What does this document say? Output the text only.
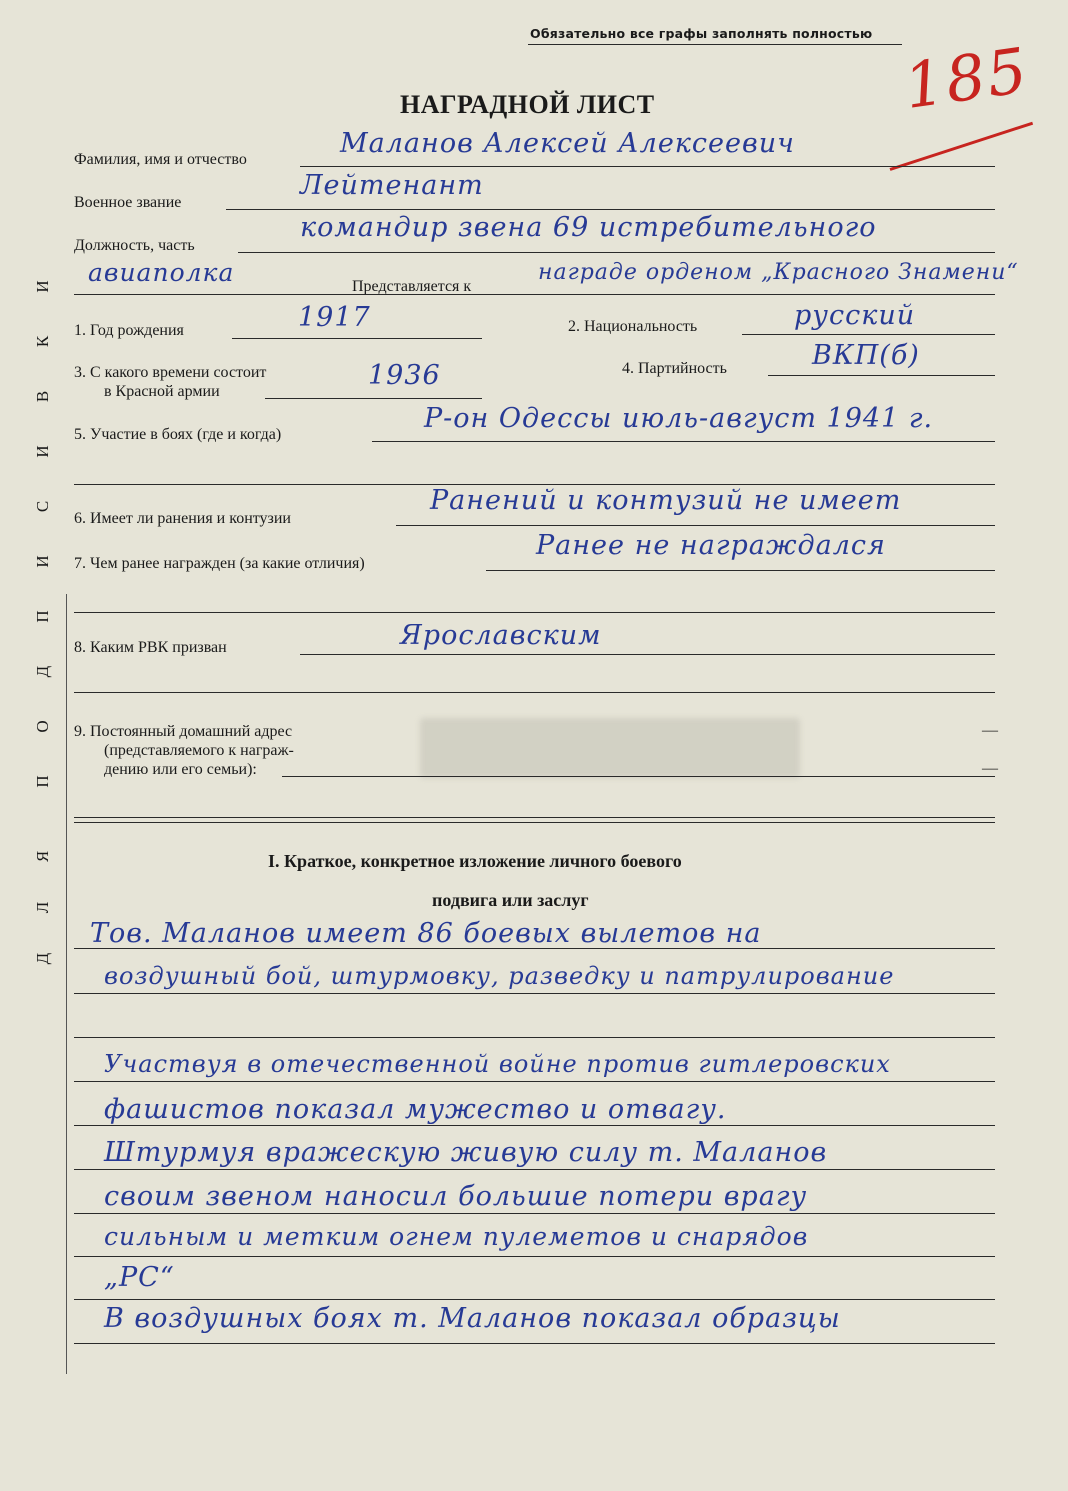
Обязательно все графы заполнять полностью 185
НАГРАДНОЙ ЛИСТ
Д
Л
Я
П
О
Д
П
И
С
И
В
К
И
Фамилия, имя и отчество
Маланов Алексей Алексеевич
Военное звание
Лейтенант
Должность, часть
командир звена 69 истребительного
авиаполка	Представляется к
награде орденом „Красного Знамени“
1. Год рождения	1917	2. Национальность	русский
3. С какого времени состоит
в Красной армии
1936	4. Партийность	ВКП(б)
5. Участие в боях (где и когда)
Р-он Одессы июль-август 1941 г.
6. Имеет ли ранения и контузии
Ранений и контузий не имеет
7. Чем ранее награжден (за какие отличия)
Ранее не награждался
8. Каким РВК призван	Ярославским
9. Постоянный домашний адрес
(представляемого к награж-
дению или его семьи):
—
—
I. Краткое, конкретное изложение личного боевого
подвига или заслуг
Тов. Маланов имеет 86 боевых вылетов на
воздушный бой, штурмовку, разведку и патрулирование
Участвуя в отечественной войне против гитлеровских
фашистов показал мужество и отвагу.
Штурмуя вражескую живую силу т. Маланов
своим звеном наносил большие потери врагу
сильным и метким огнем пулеметов и снарядов
„РС“
В воздушных боях т. Маланов показал образцы
